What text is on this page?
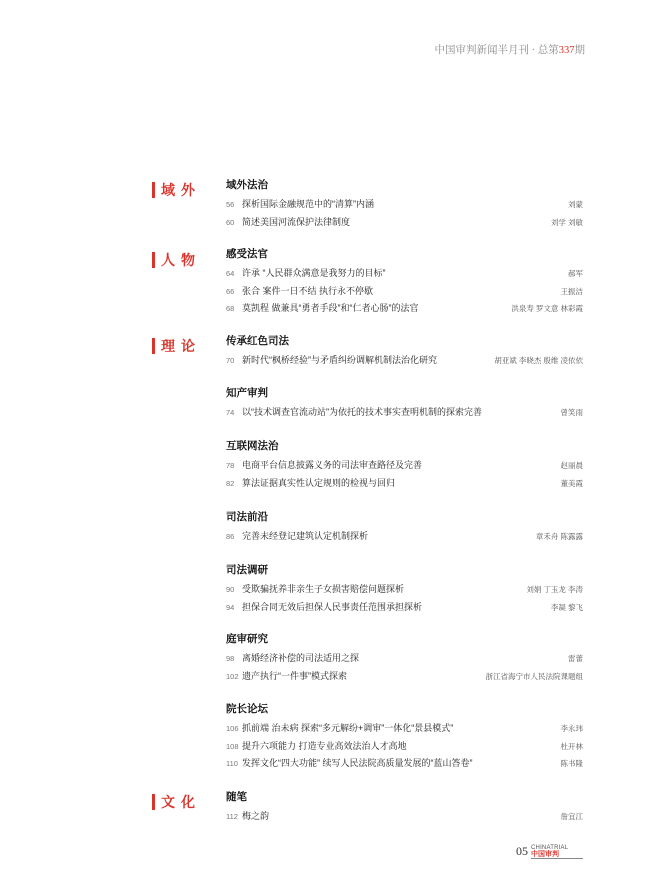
中国审判新闻半月刊 · 总第337期
域外
人物
理论
文化
域外法治
56 探析国际金融规范中的“清算”内涵	刘蒙
60 简述美国河流保护法律制度	刘学 刘敏
感受法官
64 许承 “人民群众满意是我努力的目标”	郝军
66 张合 案件一日不结 执行永不停歇	王振洁
68 莫凯程 做兼具“勇者手段”和“仁者心肠”的法官	洪泉寿 罗文意 林彩霞
传承红色司法
70 新时代“枫桥经验”与矛盾纠纷调解机制法治化研究	胡亚斌 李晓杰 殷维 凌依依
知产审判
74 以“技术调查官流动站”为依托的技术事实查明机制的探索完善	曾笑雨
互联网法治
78 电商平台信息披露义务的司法审查路径及完善	赵丽晨
82 算法证据真实性认定规则的检视与回归	董美霞
司法前沿
86 完善未经登记建筑认定机制探析	章禾舟 陈露露
司法调研
90 受欺骗抚养非亲生子女损害赔偿问题探析	刘娟 丁玉龙 李涛
94 担保合同无效后担保人民事责任范围承担探析	李凝 黎飞
庭审研究
98 离婚经济补偿的司法适用之探	雷蕾
102 遗产执行“一件事”模式探索	浙江省海宁市人民法院课题组
院长论坛
106 抓前端 治未病 探索“多元解纷+调审”一体化“景县模式”	李永玮
108 提升六项能力 打造专业高效法治人才高地	杜开林
110 发挥文化“四大功能” 续写人民法院高质量发展的“蓝山答卷”	陈书隆
随笔
112 梅之韵	詹宜江
05 CHINATRIAL
中国审判
